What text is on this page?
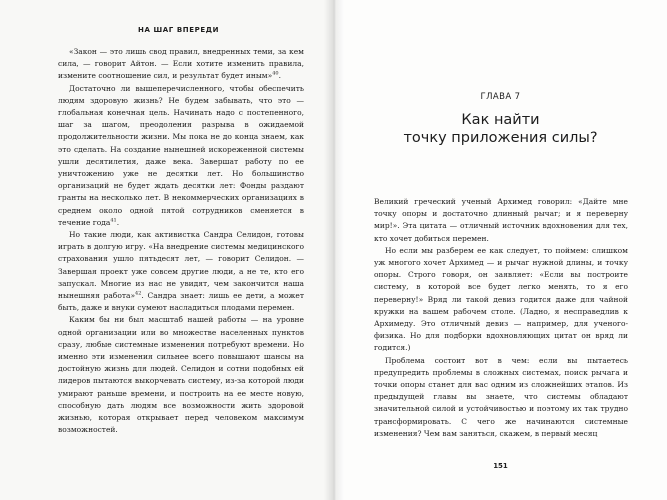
НА ШАГ ВПЕРЕДИ

«Закон — это лишь свод правил, внедренных теми, за кем сила, — говорит Айтон. — Если хотите изменить правила, измените соотношение сил, и результат будет иным»$^{40}$.

Достаточно ли вышеперечисленного, чтобы обеспечить людям здоровую жизнь? Не будем забывать, что это — глобальная конечная цель. Начинать надо с постепенного, шаг за шагом, преодоления разрыва в ожидаемой продолжительности жизни. Мы пока не до конца знаем, как это сделать. На создание нынешней искореженной системы ушли десятилетия, даже века. Завершат работу по ее уничтожению уже не десятки лет. Но большинство организаций не будет ждать десятки лет: Фонды раздают гранты на несколько лет. В некоммерческих организациях в среднем около одной пятой сотрудников сменяется в течение года$^{41}$.

Но такие люди, как активистка Сандра Селидон, готовы играть в долгую игру. «На внедрение системы медицинского страхования ушло пятьдесят лет, — говорит Селидон. — Завершая проект уже совсем другие люди, а не те, кто его запускал. Многие из нас не увидят, чем закончится наша нынешняя работа»$^{42}$. Сандра знает: лишь ее дети, а может быть, даже и внуки сумеют насладиться плодами перемен.

Каким бы ни был масштаб нашей работы — на уровне одной организации или во множестве населенных пунктов сразу, любые системные изменения потребуют времени. Но именно эти изменения сильнее всего повышают шансы на достойную жизнь для людей. Селидон и сотни подобных ей лидеров пытаются выкорчевать систему, из-за которой люди умирают раньше времени, и построить на ее месте новую, способную дать людям все возможности жить здоровой жизнью, которая открывает перед человеком максимум возможностей.

ГЛАВА 7
Как найти
точку приложения силы?

Великий греческий ученый Архимед говорил: «Дайте мне точку опоры и достаточно длинный рычаг; и я переверну мир!». Эта цитата — отличный источник вдохновения для тех, кто хочет добиться перемен.

Но если мы разберем ее как следует, то поймем: слишком уж многого хочет Архимед — и рычаг нужной длины, и точку опоры. Строго говоря, он заявляет: «Если вы построите систему, в которой все будет легко менять, то я его переверну!» Вряд ли такой девиз годится даже для чайной кружки на вашем рабочем столе. (Ладно, я несправедлив к Архимеду. Это отличный девиз — например, для ученого-физика. Но для подборки вдохновляющих цитат он вряд ли годится.)

Проблема состоит вот в чем: если вы пытаетесь предупредить проблемы в сложных системах, поиск рычага и точки опоры станет для вас одним из сложнейших этапов. Из предыдущей главы вы знаете, что системы обладают значительной силой и устойчивостью и поэтому их так трудно трансформировать. С чего же начинаются системные изменения? Чем вам заняться, скажем, в первый месяц

151
